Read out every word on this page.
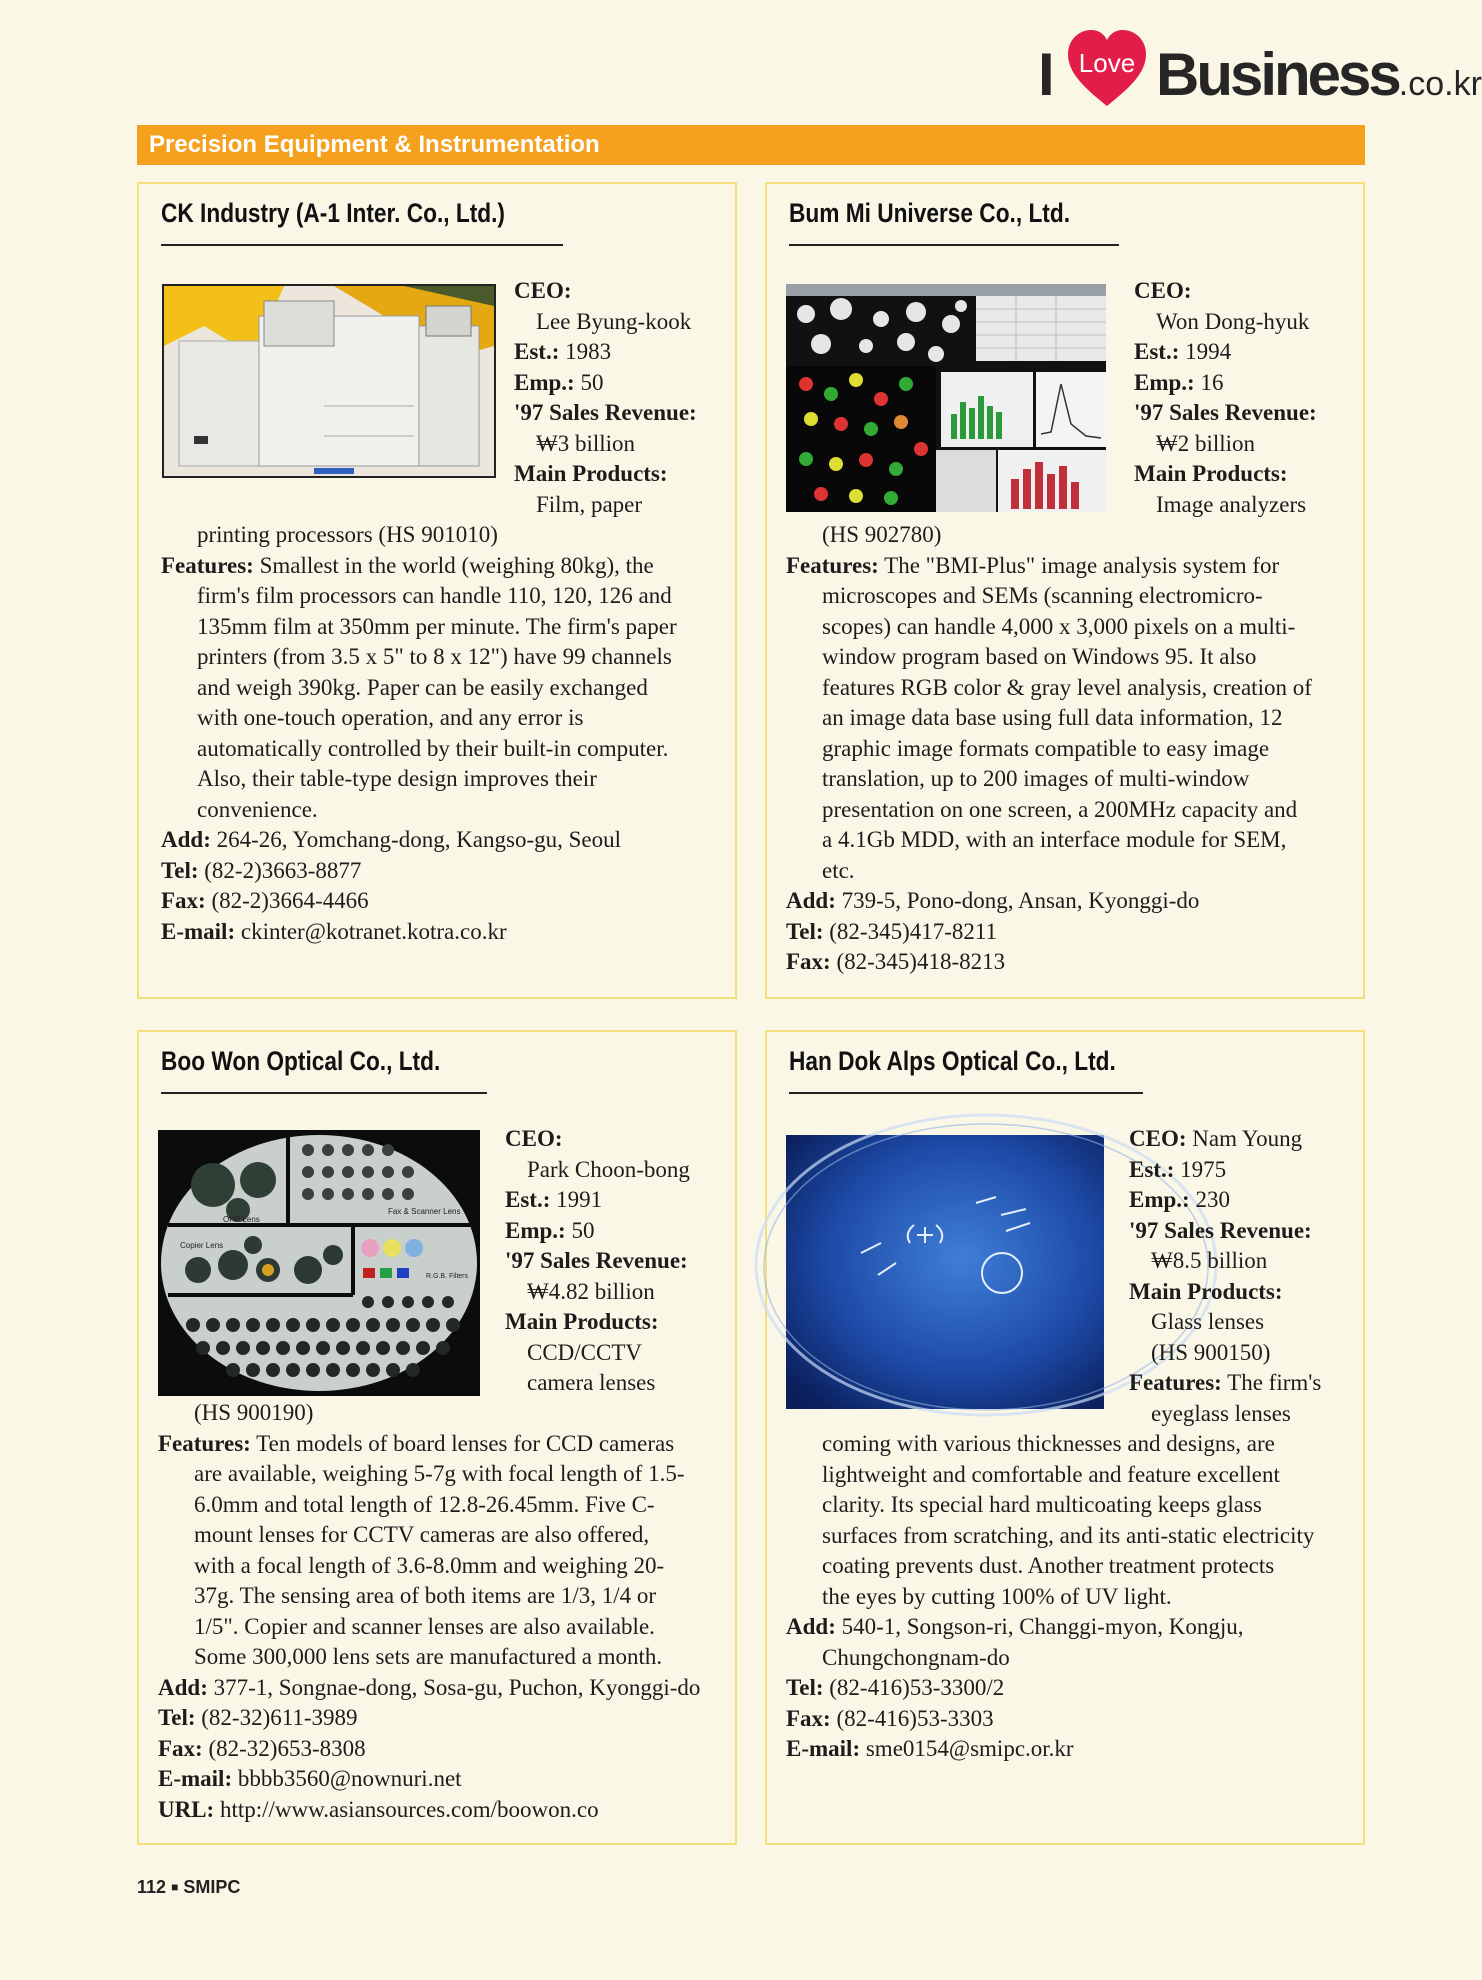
I Love Business.co.kr
Precision Equipment & Instrumentation
CK Industry (A-1 Inter. Co., Ltd.)
CEO:
Lee Byung-kook
Est.: 1983
Emp.: 50
'97 Sales Revenue:
₩3 billion
Main Products:
Film, paper
printing processors (HS 901010)
Features: Smallest in the world (weighing 80kg), the
firm's film processors can handle 110, 120, 126 and
135mm film at 350mm per minute. The firm's paper
printers (from 3.5 x 5" to 8 x 12") have 99 channels
and weigh 390kg. Paper can be easily exchanged
with one-touch operation, and any error is
automatically controlled by their built-in computer.
Also, their table-type design improves their
convenience.
Add: 264-26, Yomchang-dong, Kangso-gu, Seoul
Tel: (82-2)3663-8877
Fax: (82-2)3664-4466
E-mail: ckinter@kotranet.kotra.co.kr
Bum Mi Universe Co., Ltd.
CEO:
Won Dong-hyuk
Est.: 1994
Emp.: 16
'97 Sales Revenue:
₩2 billion
Main Products:
Image analyzers
(HS 902780)
Features: The "BMI-Plus" image analysis system for
microscopes and SEMs (scanning electromicro-
scopes) can handle 4,000 x 3,000 pixels on a multi-
window program based on Windows 95. It also
features RGB color & gray level analysis, creation of
an image data base using full data information, 12
graphic image formats compatible to easy image
translation, up to 200 images of multi-window
presentation on one screen, a 200MHz capacity and
a 4.1Gb MDD, with an interface module for SEM,
etc.
Add: 739-5, Pono-dong, Ansan, Kyonggi-do
Tel: (82-345)417-8211
Fax: (82-345)418-8213
Boo Won Optical Co., Ltd.
Fax & Scanner Lens
OHP Lens
Copier Lens
R.G.B. Filters
CEO:
Park Choon-bong
Est.: 1991
Emp.: 50
'97 Sales Revenue:
₩4.82 billion
Main Products:
CCD/CCTV
camera lenses
(HS 900190)
Features: Ten models of board lenses for CCD cameras
are available, weighing 5-7g with focal length of 1.5-
6.0mm and total length of 12.8-26.45mm. Five C-
mount lenses for CCTV cameras are also offered,
with a focal length of 3.6-8.0mm and weighing 20-
37g. The sensing area of both items are 1/3, 1/4 or
1/5". Copier and scanner lenses are also available.
Some 300,000 lens sets are manufactured a month.
Add: 377-1, Songnae-dong, Sosa-gu, Puchon, Kyonggi-do
Tel: (82-32)611-3989
Fax: (82-32)653-8308
E-mail: bbbb3560@nownuri.net
URL: http://www.asiansources.com/boowon.co
Han Dok Alps Optical Co., Ltd.
CEO: Nam Young
Est.: 1975
Emp.: 230
'97 Sales Revenue:
₩8.5 billion
Main Products:
Glass lenses
(HS 900150)
Features: The firm's
eyeglass lenses
coming with various thicknesses and designs, are
lightweight and comfortable and feature excellent
clarity. Its special hard multicoating keeps glass
surfaces from scratching, and its anti-static electricity
coating prevents dust. Another treatment protects
the eyes by cutting 100% of UV light.
Add: 540-1, Songson-ri, Changgi-myon, Kongju,
Chungchongnam-do
Tel: (82-416)53-3300/2
Fax: (82-416)53-3303
E-mail: sme0154@smipc.or.kr
112 ■ SMIPC
